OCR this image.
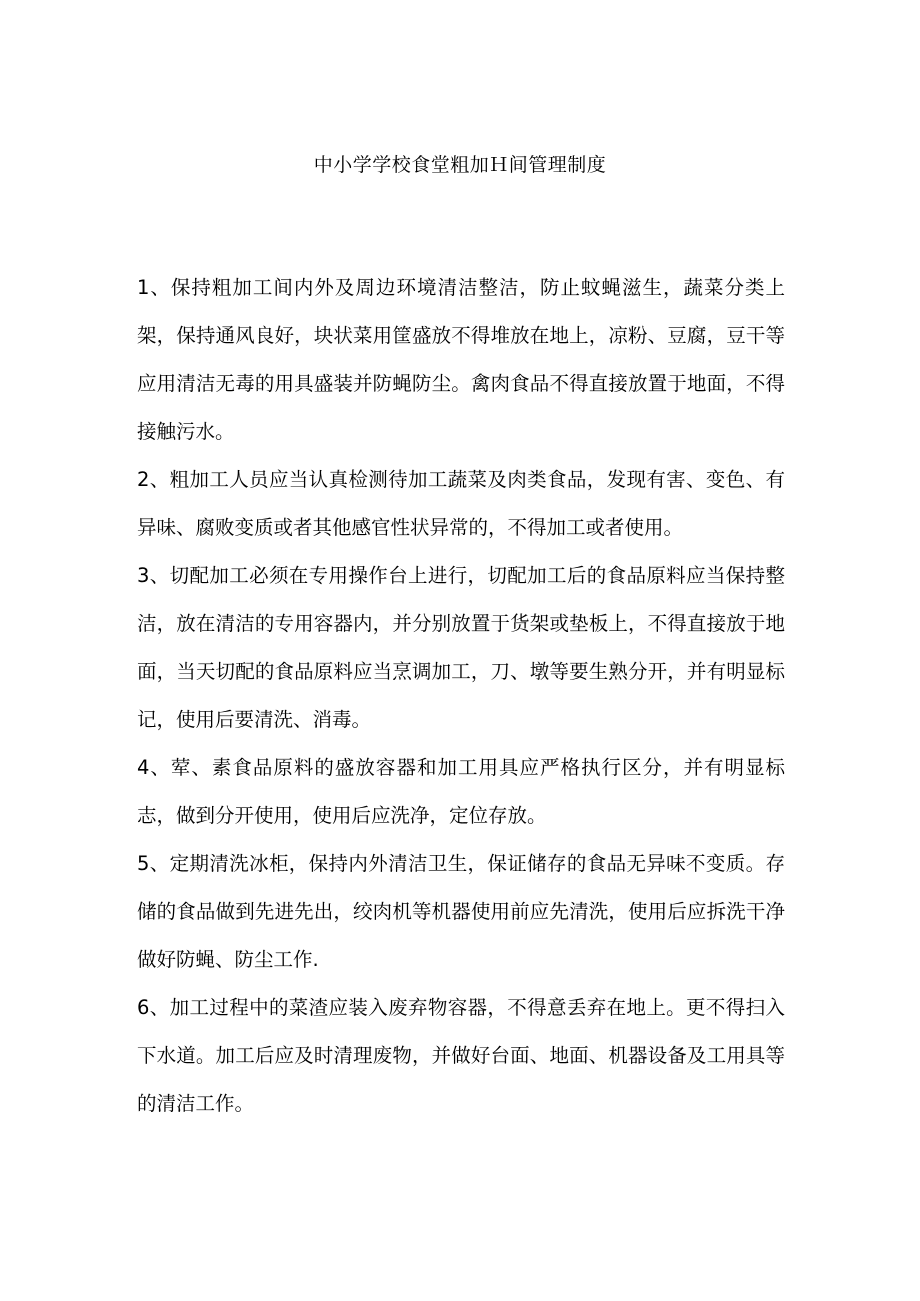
中小学学校食堂粗加Ｈ间管理制度

1、保持粗加工间内外及周边环境清洁整洁，防止蚊蝇滋生，蔬菜分类上架，保持通风良好，块状菜用筐盛放不得堆放在地上，凉粉、豆腐，豆干等应用清洁无毒的用具盛装并防蝇防尘。禽肉食品不得直接放置于地面，不得接触污水。

2、粗加工人员应当认真检测待加工蔬菜及肉类食品，发现有害、变色、有异味、腐败变质或者其他感官性状异常的，不得加工或者使用。

3、切配加工必须在专用操作台上进行，切配加工后的食品原料应当保持整洁，放在清洁的专用容器内，并分别放置于货架或垫板上，不得直接放于地面，当天切配的食品原料应当烹调加工，刀、墩等要生熟分开，并有明显标记，使用后要清洗、消毒。

4、荤、素食品原料的盛放容器和加工用具应严格执行区分，并有明显标志，做到分开使用，使用后应洗净，定位存放。

5、定期清洗冰柜，保持内外清洁卫生，保证储存的食品无异味不变质。存储的食品做到先进先出，绞肉机等机器使用前应先清洗，使用后应拆洗干净做好防蝇、防尘工作.

6、加工过程中的菜渣应装入废弃物容器，不得意丢弃在地上。更不得扫入下水道。加工后应及时清理废物，并做好台面、地面、机器设备及工用具等的清洁工作。
